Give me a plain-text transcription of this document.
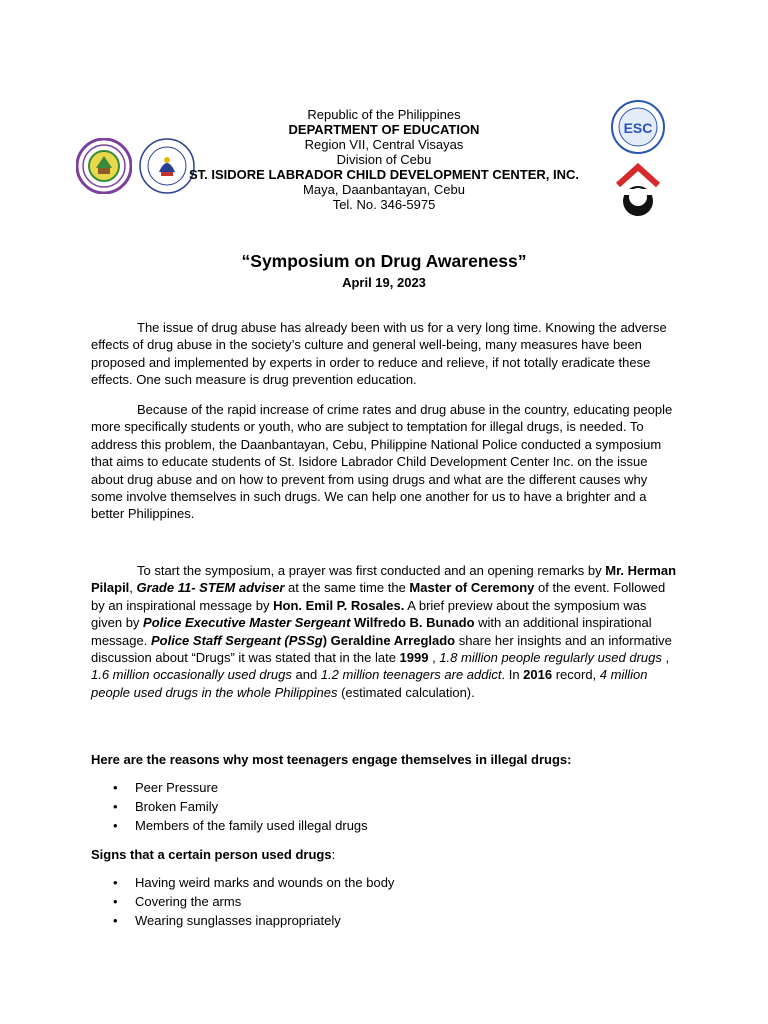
ESC
Republic of the Philippines
DEPARTMENT OF EDUCATION
Region VII, Central Visayas
Division of Cebu
ST. ISIDORE LABRADOR CHILD DEVELOPMENT CENTER, INC.
Maya, Daanbantayan, Cebu
Tel. No. 346-5975
“Symposium on Drug Awareness”
April 19, 2023
The issue of drug abuse has already been with us for a very long time. Knowing the adverse effects of drug abuse in the society’s culture and general well-being, many measures have been proposed and implemented by experts in order to reduce and relieve, if not totally eradicate these effects. One such measure is drug prevention education.
Because of the rapid increase of crime rates and drug abuse in the country, educating people more specifically students or youth, who are subject to temptation for illegal drugs, is needed. To address this problem, the Daanbantayan, Cebu, Philippine National Police conducted a symposium that aims to educate students of St. Isidore Labrador Child Development Center Inc. on the issue about drug abuse and on how to prevent from using drugs and what are the different causes why some involve themselves in such drugs. We can help one another for us to have a brighter and a better Philippines.
To start the symposium, a prayer was first conducted and an opening remarks by Mr. Herman Pilapil, Grade 11- STEM adviser at the same time the Master of Ceremony of the event. Followed by an inspirational message by Hon. Emil P. Rosales. A brief preview about the symposium was given by Police Executive Master Sergeant Wilfredo B. Bunado with an additional inspirational message. Police Staff Sergeant (PSSg) Geraldine Arreglado share her insights and an informative discussion about “Drugs” it was stated that in the late 1999 , 1.8 million people regularly used drugs , 1.6 million occasionally used drugs and 1.2 million teenagers are addict. In 2016 record, 4 million people used drugs in the whole Philippines (estimated calculation).
Here are the reasons why most teenagers engage themselves in illegal drugs:
• Peer Pressure
• Broken Family
• Members of the family used illegal drugs
Signs that a certain person used drugs:
• Having weird marks and wounds on the body
• Covering the arms
• Wearing sunglasses inappropriately
